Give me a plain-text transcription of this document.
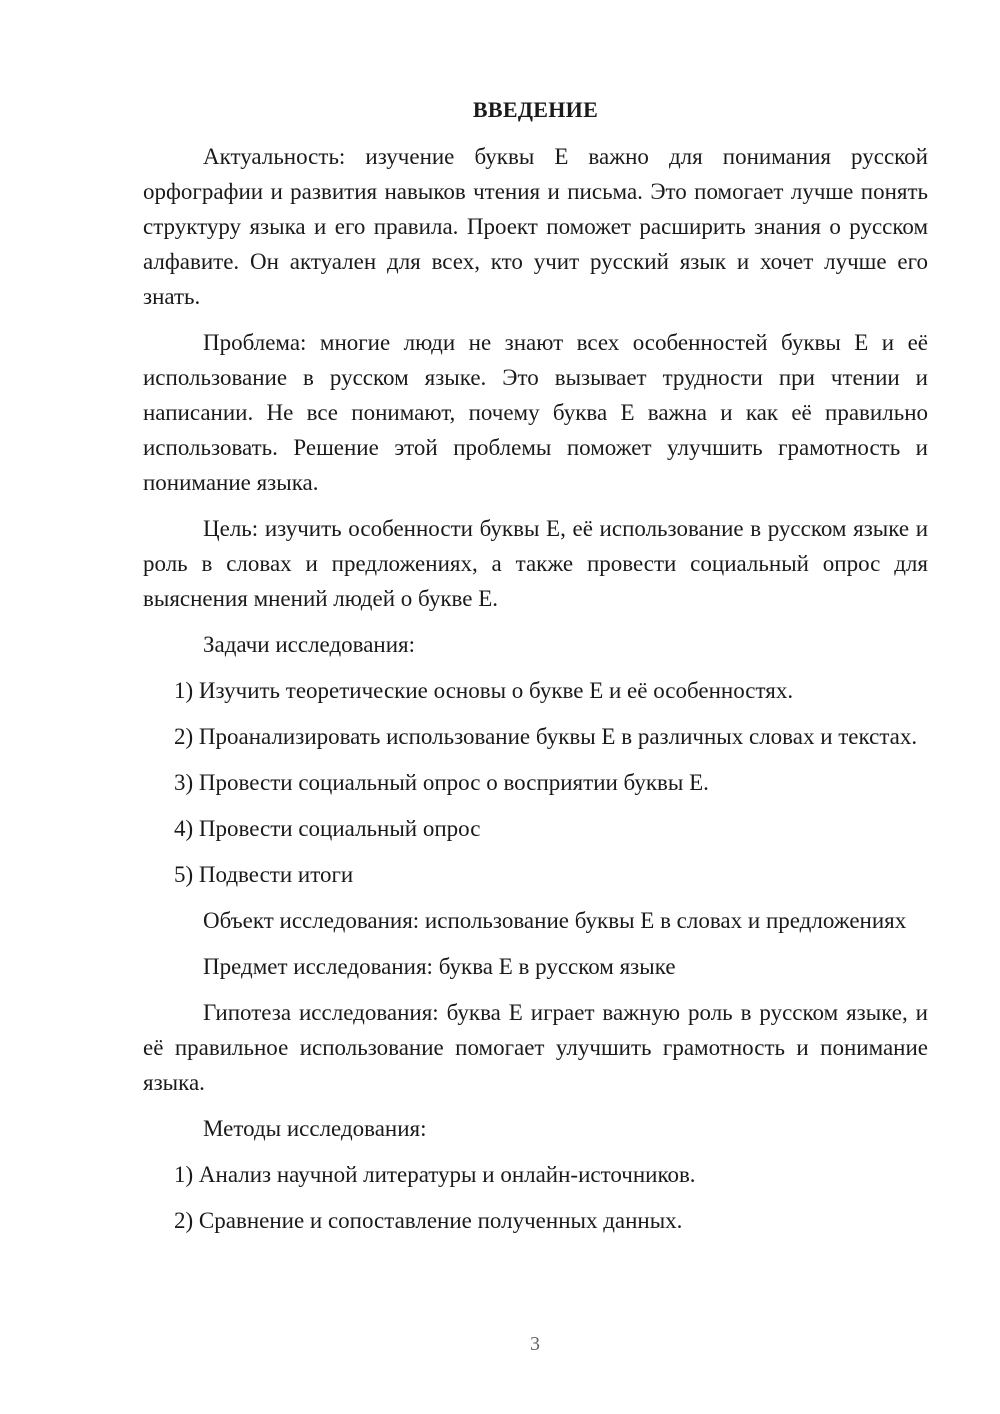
ВВЕДЕНИЕ

Актуальность: изучение буквы Е важно для понимания русской орфографии и развития навыков чтения и письма. Это помогает лучше понять структуру языка и его правила. Проект поможет расширить знания о русском алфавите. Он актуален для всех, кто учит русский язык и хочет лучше его знать.

Проблема: многие люди не знают всех особенностей буквы Е и её использование в русском языке. Это вызывает трудности при чтении и написании. Не все понимают, почему буква Е важна и как её правильно использовать. Решение этой проблемы поможет улучшить грамотность и понимание языка.

Цель: изучить особенности буквы Е, её использование в русском языке и роль в словах и предложениях, а также провести социальный опрос для выяснения мнений людей о букве Е.

Задачи исследования:

1) Изучить теоретические основы о букве Е и её особенностях.

2) Проанализировать использование буквы Е в различных словах и текстах.

3) Провести социальный опрос о восприятии буквы Е.

4) Провести социальный опрос

5) Подвести итоги

Объект исследования: использование буквы Е в словах и предложениях

Предмет исследования: буква Е в русском языке

Гипотеза исследования: буква Е играет важную роль в русском языке, и её правильное использование помогает улучшить грамотность и понимание языка.

Методы исследования:

1) Анализ научной литературы и онлайн-источников.

2) Сравнение и сопоставление полученных данных.

3
